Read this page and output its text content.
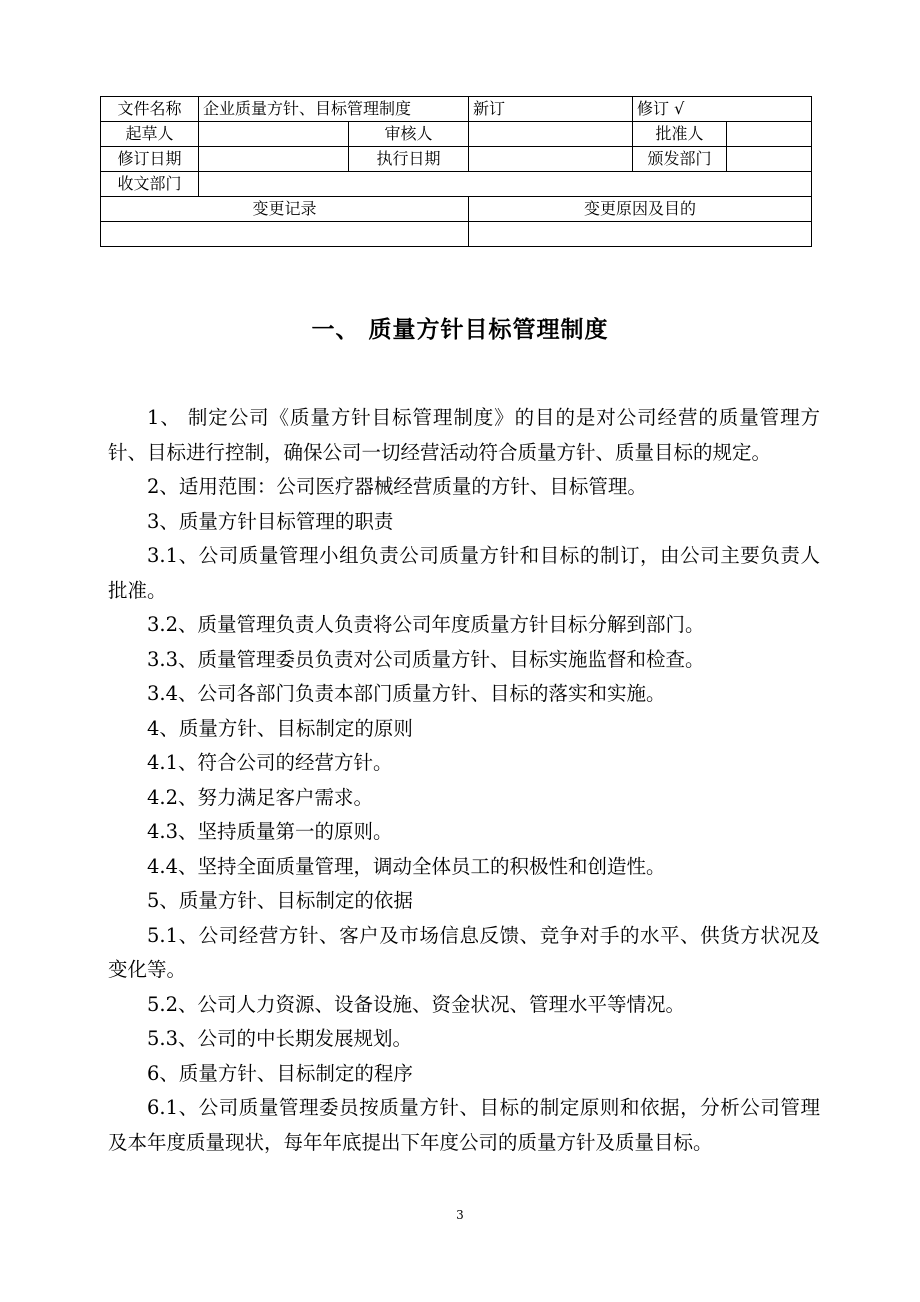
文件名称	企业质量方针、目标管理制度		新订	修订 √	
起草人		审核人		批准人	
修订日期		执行日期		颁发部门	
收文部门					
变更记录			变更原因及目的		

一、 质量方针目标管理制度

1、 制定公司《质量方针目标管理制度》的目的是对公司经营的质量管理方针、目标进行控制，确保公司一切经营活动符合质量方针、质量目标的规定。

2、适用范围：公司医疗器械经营质量的方针、目标管理。

3、质量方针目标管理的职责

3.1、公司质量管理小组负责公司质量方针和目标的制订，由公司主要负责人批准。

3.2、质量管理负责人负责将公司年度质量方针目标分解到部门。

3.3、质量管理委员负责对公司质量方针、目标实施监督和检查。

3.4、公司各部门负责本部门质量方针、目标的落实和实施。

4、质量方针、目标制定的原则

4.1、符合公司的经营方针。

4.2、努力满足客户需求。

4.3、坚持质量第一的原则。

4.4、坚持全面质量管理，调动全体员工的积极性和创造性。

5、质量方针、目标制定的依据

5.1、公司经营方针、客户及市场信息反馈、竞争对手的水平、供货方状况及变化等。

5.2、公司人力资源、设备设施、资金状况、管理水平等情况。

5.3、公司的中长期发展规划。

6、质量方针、目标制定的程序

6.1、公司质量管理委员按质量方针、目标的制定原则和依据，分析公司管理及本年度质量现状，每年年底提出下年度公司的质量方针及质量目标。

3
